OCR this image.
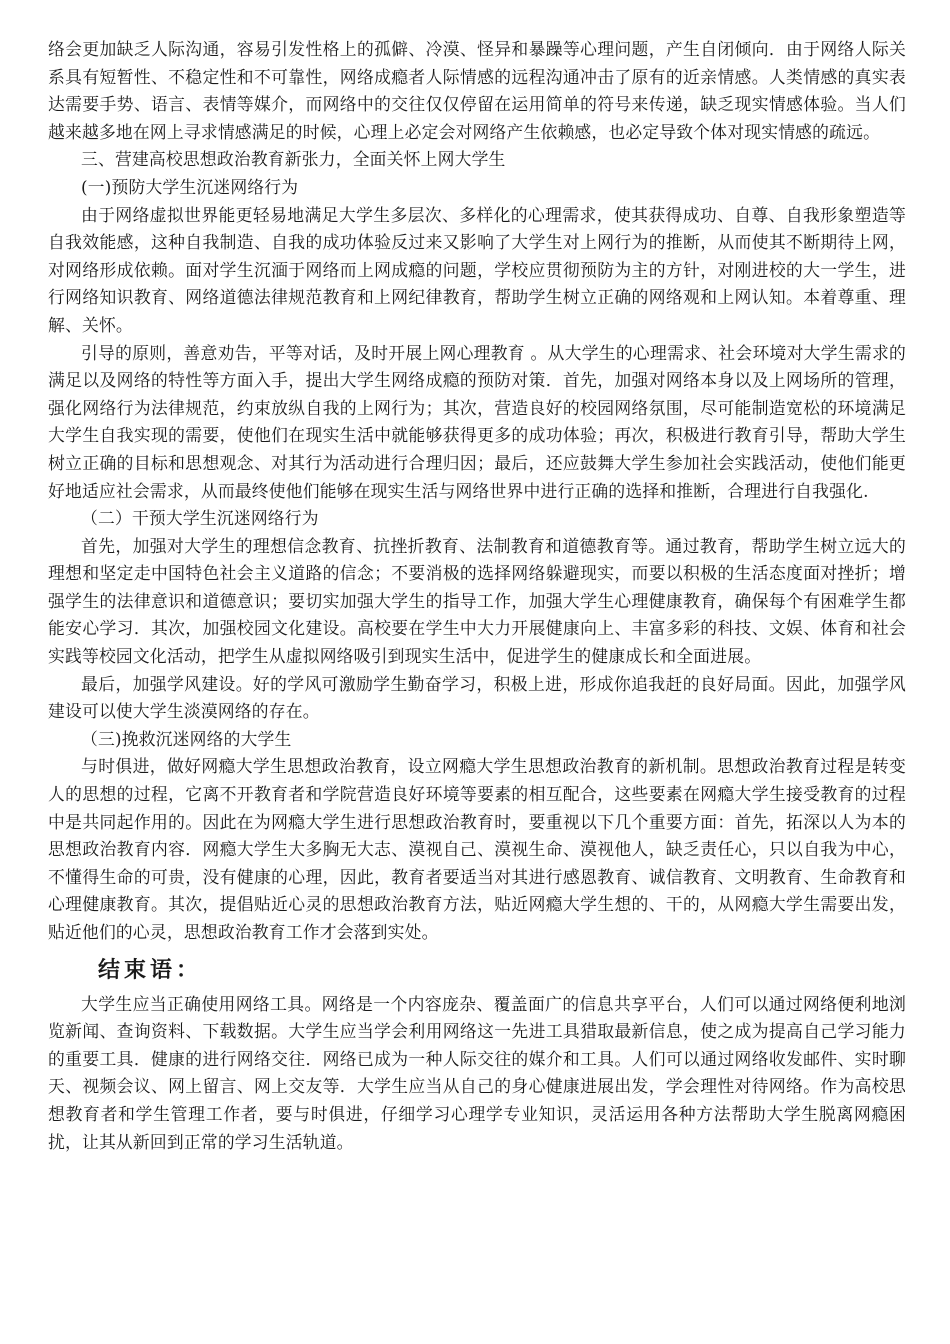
络会更加缺乏人际沟通，容易引发性格上的孤僻、冷漠、怪异和暴躁等心理问题，产生自闭倾向．由于网络人际关系具有短暂性、不稳定性和不可靠性，网络成瘾者人际情感的远程沟通冲击了原有的近亲情感。人类情感的真实表达需要手势、语言、表情等媒介，而网络中的交往仅仅停留在运用简单的符号来传递，缺乏现实情感体验。当人们越来越多地在网上寻求情感满足的时候，心理上必定会对网络产生依赖感，也必定导致个体对现实情感的疏远。

三、营建高校思想政治教育新张力，全面关怀上网大学生

(一)预防大学生沉迷网络行为

由于网络虚拟世界能更轻易地满足大学生多层次、多样化的心理需求，使其获得成功、自尊、自我形象塑造等自我效能感，这种自我制造、自我的成功体验反过来又影响了大学生对上网行为的推断，从而使其不断期待上网，对网络形成依赖。面对学生沉湎于网络而上网成瘾的问题，学校应贯彻预防为主的方针，对刚进校的大一学生，进行网络知识教育、网络道德法律规范教育和上网纪律教育，帮助学生树立正确的网络观和上网认知。本着尊重、理解、关怀。

引导的原则，善意劝告，平等对话，及时开展上网心理教育 。从大学生的心理需求、社会环境对大学生需求的满足以及网络的特性等方面入手，提出大学生网络成瘾的预防对策．首先，加强对网络本身以及上网场所的管理，强化网络行为法律规范，约束放纵自我的上网行为；其次，营造良好的校园网络氛围，尽可能制造宽松的环境满足大学生自我实现的需要，使他们在现实生活中就能够获得更多的成功体验；再次，积极进行教育引导，帮助大学生树立正确的目标和思想观念、对其行为活动进行合理归因；最后，还应鼓舞大学生参加社会实践活动，使他们能更好地适应社会需求，从而最终使他们能够在现实生活与网络世界中进行正确的选择和推断，合理进行自我强化.

（二）干预大学生沉迷网络行为

首先，加强对大学生的理想信念教育、抗挫折教育、法制教育和道德教育等。通过教育，帮助学生树立远大的理想和坚定走中国特色社会主义道路的信念；不要消极的选择网络躲避现实，而要以积极的生活态度面对挫折；增强学生的法律意识和道德意识；要切实加强大学生的指导工作，加强大学生心理健康教育，确保每个有困难学生都能安心学习．其次，加强校园文化建设。高校要在学生中大力开展健康向上、丰富多彩的科技、文娱、体育和社会实践等校园文化活动，把学生从虚拟网络吸引到现实生活中，促进学生的健康成长和全面进展。

最后，加强学风建设。好的学风可激励学生勤奋学习，积极上进，形成你追我赶的良好局面。因此，加强学风建设可以使大学生淡漠网络的存在。

（三)挽救沉迷网络的大学生

与时俱进，做好网瘾大学生思想政治教育，设立网瘾大学生思想政治教育的新机制。思想政治教育过程是转变人的思想的过程，它离不开教育者和学院营造良好环境等要素的相互配合，这些要素在网瘾大学生接受教育的过程中是共同起作用的。因此在为网瘾大学生进行思想政治教育时，要重视以下几个重要方面：首先，拓深以人为本的思想政治教育内容．网瘾大学生大多胸无大志、漠视自己、漠视生命、漠视他人，缺乏责任心，只以自我为中心，不懂得生命的可贵，没有健康的心理，因此，教育者要适当对其进行感恩教育、诚信教育、文明教育、生命教育和心理健康教育。其次，提倡贴近心灵的思想政治教育方法，贴近网瘾大学生想的、干的，从网瘾大学生需要出发，贴近他们的心灵，思想政治教育工作才会落到实处。

结束语：

大学生应当正确使用网络工具。网络是一个内容庞杂、覆盖面广的信息共享平台，人们可以通过网络便利地浏览新闻、查询资料、下载数据。大学生应当学会利用网络这一先进工具猎取最新信息，使之成为提高自己学习能力的重要工具．健康的进行网络交往．网络已成为一种人际交往的媒介和工具。人们可以通过网络收发邮件、实时聊天、视频会议、网上留言、网上交友等．大学生应当从自己的身心健康进展出发，学会理性对待网络。作为高校思想教育者和学生管理工作者，要与时俱进，仔细学习心理学专业知识，灵活运用各种方法帮助大学生脱离网瘾困扰，让其从新回到正常的学习生活轨道。
